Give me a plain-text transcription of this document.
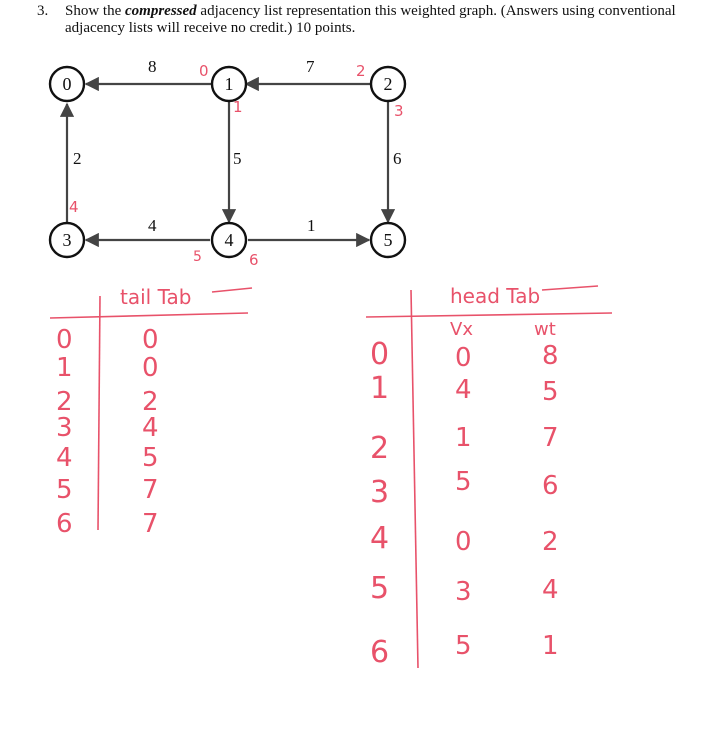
3. Show the compressed adjacency list representation this weighted graph. (Answers using conventional adjacency lists will receive no credit.) 10 points.
8	7
2	5	6
4	1
0	1	2
3	4	5
0
1
2
3
4
5	6
tail Tab
0	0
1	0
2	2
3	4
4	5
5	7
6	7
head Tab
Vx	wt
0	0	8
1	4	5
2	1	7
3	5	6
4	0	2
5	3	4
6	5	1
